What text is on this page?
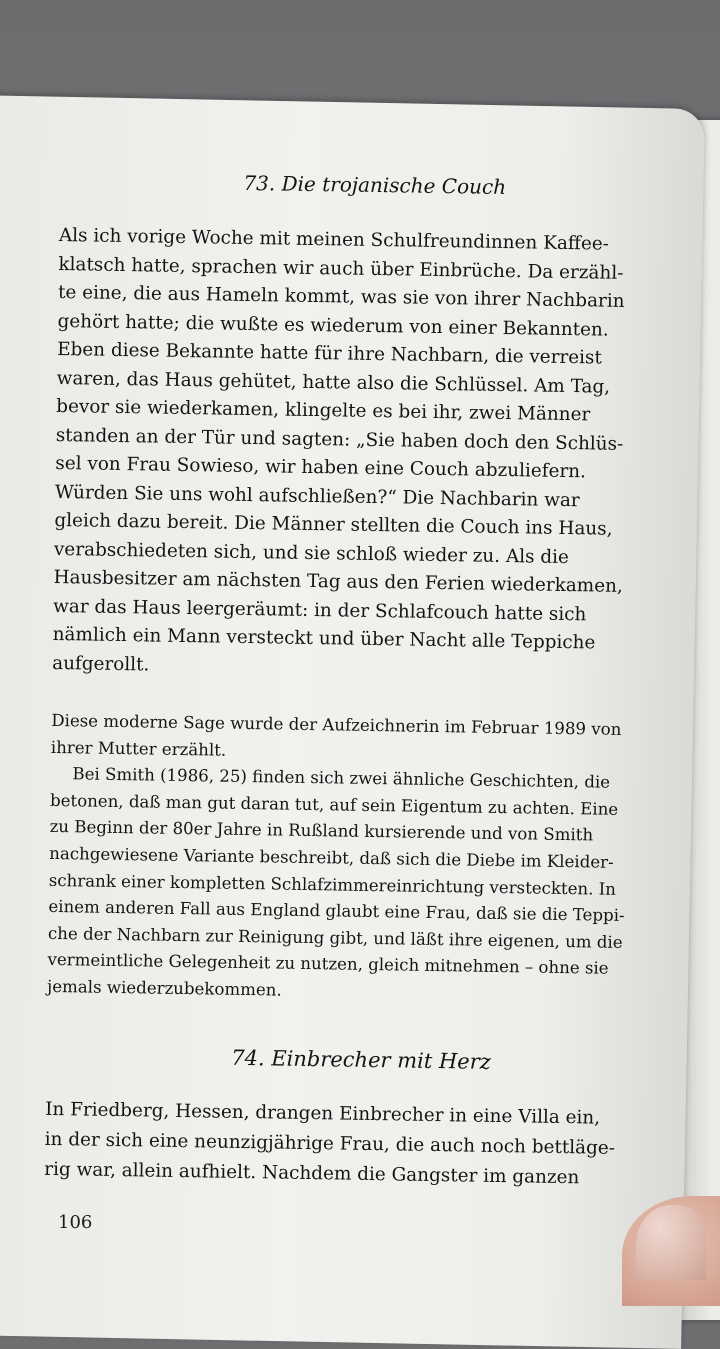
73. Die trojanische Couch
Als ich vorige Woche mit meinen Schulfreundinnen Kaffee-
klatsch hatte, sprachen wir auch über Einbrüche. Da erzähl-
te eine, die aus Hameln kommt, was sie von ihrer Nachbarin
gehört hatte; die wußte es wiederum von einer Bekannten.
Eben diese Bekannte hatte für ihre Nachbarn, die verreist
waren, das Haus gehütet, hatte also die Schlüssel. Am Tag,
bevor sie wiederkamen, klingelte es bei ihr, zwei Männer
standen an der Tür und sagten: „Sie haben doch den Schlüs-
sel von Frau Sowieso, wir haben eine Couch abzuliefern.
Würden Sie uns wohl aufschließen?“ Die Nachbarin war
gleich dazu bereit. Die Männer stellten die Couch ins Haus,
verabschiedeten sich, und sie schloß wieder zu. Als die
Hausbesitzer am nächsten Tag aus den Ferien wiederkamen,
war das Haus leergeräumt: in der Schlafcouch hatte sich
nämlich ein Mann versteckt und über Nacht alle Teppiche
aufgerollt.
Diese moderne Sage wurde der Aufzeichnerin im Februar 1989 von
ihrer Mutter erzählt.
Bei Smith (1986, 25) finden sich zwei ähnliche Geschichten, die
betonen, daß man gut daran tut, auf sein Eigentum zu achten. Eine
zu Beginn der 80er Jahre in Rußland kursierende und von Smith
nachgewiesene Variante beschreibt, daß sich die Diebe im Kleider-
schrank einer kompletten Schlafzimmereinrichtung versteckten. In
einem anderen Fall aus England glaubt eine Frau, daß sie die Teppi-
che der Nachbarn zur Reinigung gibt, und läßt ihre eigenen, um die
vermeintliche Gelegenheit zu nutzen, gleich mitnehmen – ohne sie
jemals wiederzubekommen.
74. Einbrecher mit Herz
In Friedberg, Hessen, drangen Einbrecher in eine Villa ein,
in der sich eine neunzigjährige Frau, die auch noch bettläge-
rig war, allein aufhielt. Nachdem die Gangster im ganzen
106
